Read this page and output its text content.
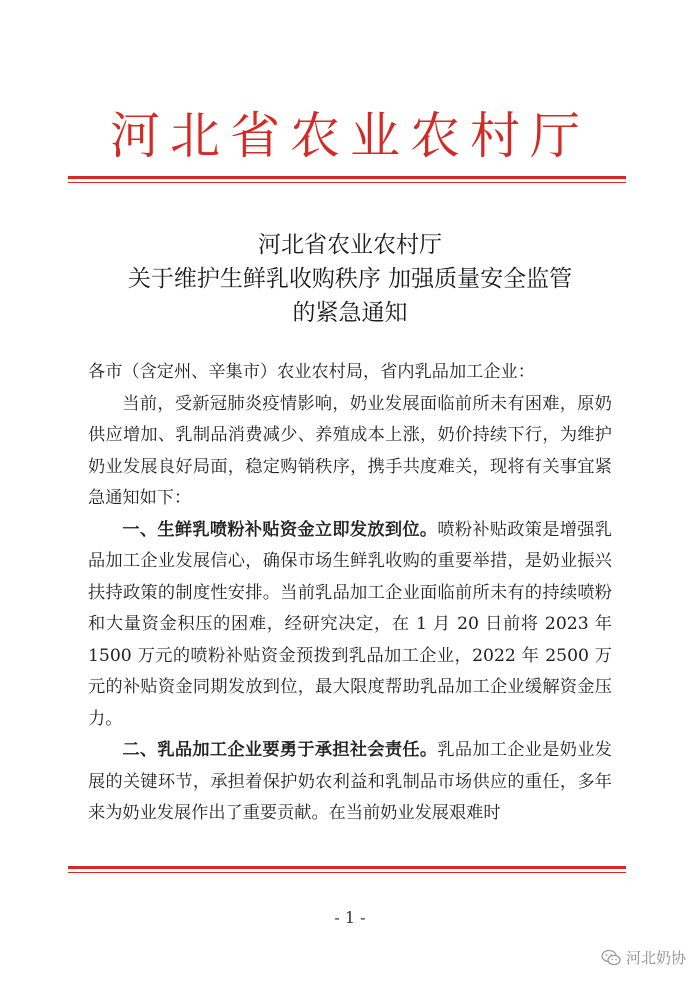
河北省农业农村厅
河北省农业农村厅
关于维护生鲜乳收购秩序 加强质量安全监管
的紧急通知

各市（含定州、辛集市）农业农村局，省内乳品加工企业：

当前，受新冠肺炎疫情影响，奶业发展面临前所未有困难，原奶供应增加、乳制品消费减少、养殖成本上涨，奶价持续下行，为维护奶业发展良好局面，稳定购销秩序，携手共度难关，现将有关事宜紧急通知如下：

一、生鲜乳喷粉补贴资金立即发放到位。喷粉补贴政策是增强乳品加工企业发展信心，确保市场生鲜乳收购的重要举措，是奶业振兴扶持政策的制度性安排。当前乳品加工企业面临前所未有的持续喷粉和大量资金积压的困难，经研究决定，在 1 月 20 日前将 2023 年 1500 万元的喷粉补贴资金预拨到乳品加工企业，2022 年 2500 万元的补贴资金同期发放到位，最大限度帮助乳品加工企业缓解资金压力。

二、乳品加工企业要勇于承担社会责任。乳品加工企业是奶业发展的关键环节，承担着保护奶农利益和乳制品市场供应的重任，多年来为奶业发展作出了重要贡献。在当前奶业发展艰难时

- 1 -
河北奶协
